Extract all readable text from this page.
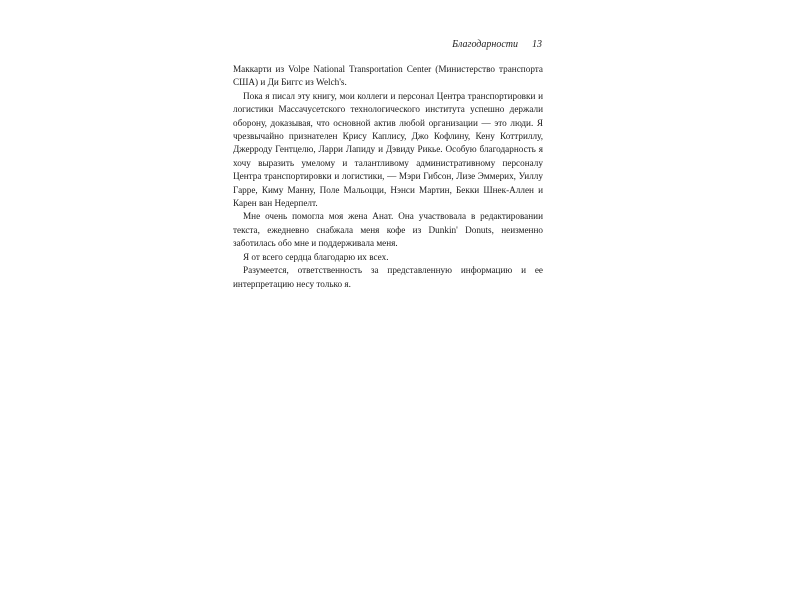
Благодарности 13

Маккарти из Volpe National Transportation Center (Министерство транспорта США) и Ди Биггс из Welch's.

Пока я писал эту книгу, мои коллеги и персонал Центра транспортировки и логистики Массачусетского технологического института успешно держали оборону, доказывая, что основной актив любой организации — это люди. Я чрезвычайно признателен Крису Каплису, Джо Кофлину, Кену Коттриллу, Джерроду Гентцелю, Ларри Лапиду и Дэвиду Рикье. Особую благодарность я хочу выразить умелому и талантливому административному персоналу Центра транспортировки и логистики, — Мэри Гибсон, Лизе Эммерих, Уиллу Гарре, Киму Манну, Поле Мальоцци, Нэнси Мартин, Бекки Шнек-Аллен и Карен ван Недерпелт.

Мне очень помогла моя жена Анат. Она участвовала в редактировании текста, ежедневно снабжала меня кофе из Dunkin' Donuts, неизменно заботилась обо мне и поддерживала меня.

Я от всего сердца благодарю их всех.

Разумеется, ответственность за представленную информацию и ее интерпретацию несу только я.
